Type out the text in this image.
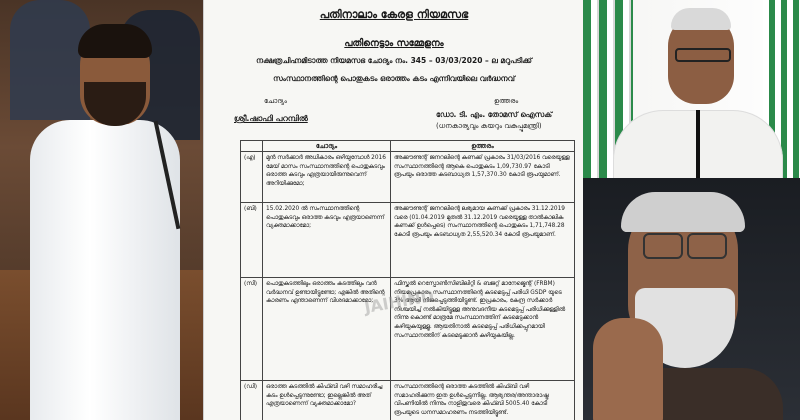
പതിനാലാം കേരള നിയമസഭ
പതിനെട്ടാം സമ്മേളനം
നക്ഷത്രചിഹ്നമിടാത്ത നിയമസഭ ചോദ്യം നം. 345 – 03/03/2020 – ല മറുപടിക്ക്
സംസ്ഥാനത്തിന്റെ പൊതുകടം ഒരാത്തം കടം എന്നിവയിലെ വർദ്ധനവ്
ചോദ്യം	ഉത്തരം
ശ്രീ.ഷാഫി പറമ്പിൽ	ഡോ. ടി. എം. തോമസ് ഐസക്
(ധനകാര്യവും കയറും വകുപ്പുമന്ത്രി)
	ചോദ്യം	ഉത്തരം
(എ)	മുൻ സർക്കാർ അധികാരം ഒഴിയുമ്പോൾ 2016 മേയ് മാസം സംസ്ഥാനത്തിന്റെ പൊതുകടവും ഒരാത്ത കടവും എത്രയായിരുന്നുവെന്ന് അറിയിക്കുമോ;	അക്കൗണ്ടന്റ് ജനറലിന്റെ കണക്ക് പ്രകാരം 31/03/2016 വരെയുള്ള സംസ്ഥാനത്തിന്റെ ആകെ പൊതുകടം 1,09,730.97 കോടി രൂപയും ഒരാത്ത കടബാധ്യത 1,57,370.30 കോടി രൂപയുമാണ്.
(ബി)	15.02.2020 ൽ സംസ്ഥാനത്തിന്റെ പൊതുകടവും ഒരാത്ത കടവും എത്രയാണെന്ന് വ്യക്തമാക്കാമോ;	അക്കൗണ്ടന്റ് ജനറലിന്റെ ലഭ്യമായ കണക്ക് പ്രകാരം 31.12.2019 വരെ (01.04.2019 മുതൽ 31.12.2019 വരെയുള്ള താൽകാലിക കണക്ക് ഉൾപ്പെടെ) സംസ്ഥാനത്തിന്റെ പൊതുകടം 1,71,748.28 കോടി രൂപയും കടബാധ്യത 2,55,520.34 കോടി രൂപയുമാണ്.
(സി)	പൊതുകടത്തിലും ഒരാത്തം കടത്തിലും വൻ വർദ്ധനവ് ഉണ്ടായിട്ടുണ്ടോ; എങ്കിൽ അതിന്റെ കാരണം എന്താണെന്ന് വിശദമാക്കാമോ;	ഫിസ്കൽ റെസ്പോൺസിബിലിറ്റി & ബജറ്റ് മാനേജ്മെന്റ് (FRBM) നിയമപ്രകാരം സംസ്ഥാനത്തിന്റെ കടമെടുപ്പ് പരിധി GSDP യുടെ 3% ആയി നിജപ്പെടുത്തിയിട്ടുണ്ട്. ഇപ്രകാരം, കേന്ദ്ര സർക്കാർ നിശ്ചയിച്ച് നൽകിയിട്ടുള്ള അനുവദനീയ കടമെടുപ്പ് പരിധിക്കുള്ളിൽ നിന്നു കൊണ്ട് മാത്രമേ സംസ്ഥാനത്തിന് കടമെടുക്കാൻ കഴിയുകയുള്ളൂ. ആയതിനാൽ കടമെടുപ്പ് പരിധിക്കപ്പുറമായി സംസ്ഥാനത്തിന് കടമെടുക്കാൻ കഴിയുകയില്ല.
(ഡി)	ഒരാത്ത കടത്തിൽ കിഫ്ബി വഴി സമാഹരിച്ച കടം ഉൾപ്പെടുന്നുണ്ടോ; ഇല്ലെങ്കിൽ അത് എത്രയാണെന്ന് വ്യക്തമാക്കാമോ?	സംസ്ഥാനത്തിന്റെ ഒരാത്ത കടത്തിൽ കിഫ്ബി വഴി സമാഹരിക്കുന്ന ഇത ഉൾപ്പെടുന്നില്ല. ആഭ്യന്തര/അന്താരാഷ്ട്ര വിപണിയിൽ നിന്നും നാളിതുവരെ കിഫ്ബി 5005.40 കോടി രൂപയുടെ ധനസമാഹരണം നടത്തിയിട്ടുണ്ട്.
JAIHIND
